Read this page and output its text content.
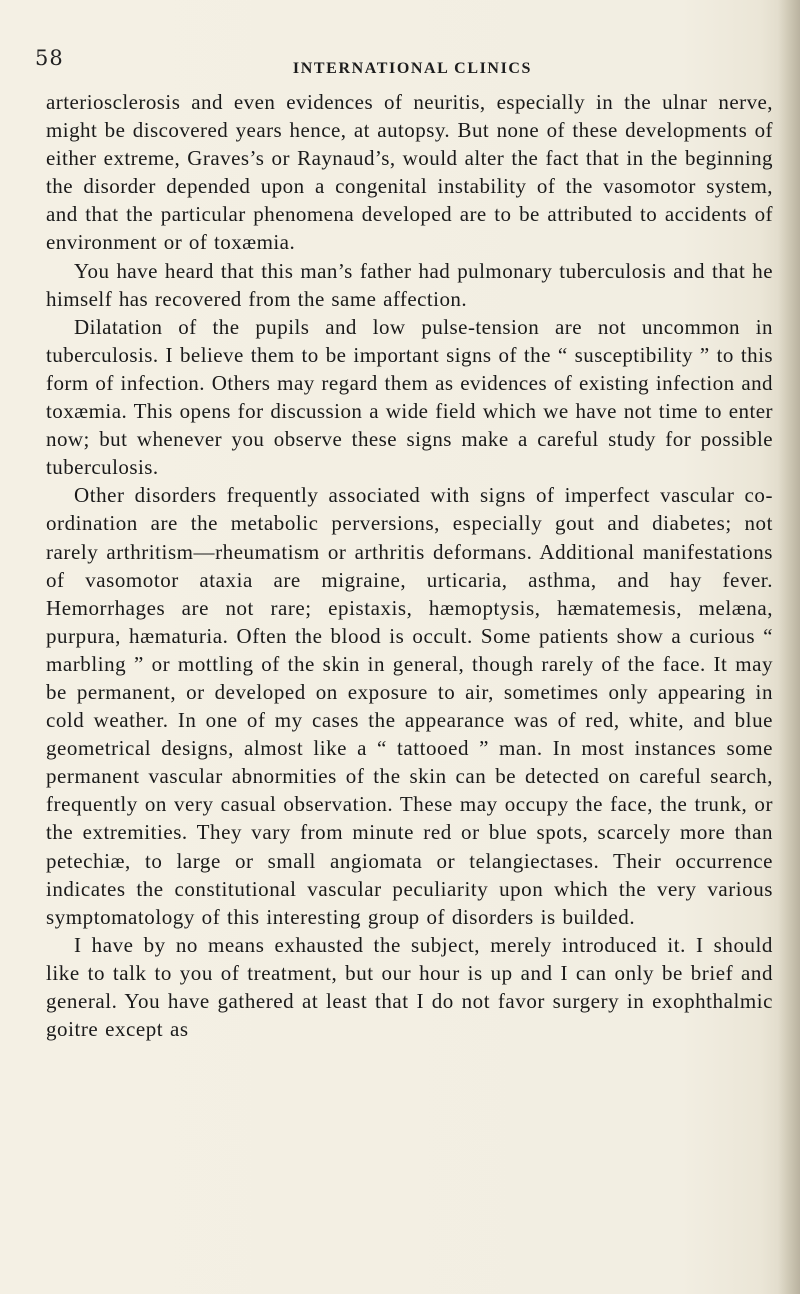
58	INTERNATIONAL CLINICS

arteriosclerosis and even evidences of neuritis, especially in the ulnar nerve, might be discovered years hence, at autopsy. But none of these developments of either extreme, Graves’s or Raynaud’s, would alter the fact that in the beginning the disorder depended upon a congenital instability of the vasomotor system, and that the particular phenomena developed are to be attributed to accidents of environment or of toxæmia.

You have heard that this man’s father had pulmonary tuberculosis and that he himself has recovered from the same affection.

Dilatation of the pupils and low pulse-tension are not uncommon in tuberculosis. I believe them to be important signs of the “ susceptibility ” to this form of infection. Others may regard them as evidences of existing infection and toxæmia. This opens for discussion a wide field which we have not time to enter now; but whenever you observe these signs make a careful study for possible tuberculosis.

Other disorders frequently associated with signs of imperfect vascular co-ordination are the metabolic perversions, especially gout and diabetes; not rarely arthritism—rheumatism or arthritis deformans. Additional manifestations of vasomotor ataxia are migraine, urticaria, asthma, and hay fever. Hemorrhages are not rare; epistaxis, hæmoptysis, hæmatemesis, melæna, purpura, hæmaturia. Often the blood is occult. Some patients show a curious “ marbling ” or mottling of the skin in general, though rarely of the face. It may be permanent, or developed on exposure to air, sometimes only appearing in cold weather. In one of my cases the appearance was of red, white, and blue geometrical designs, almost like a “ tattooed ” man. In most instances some permanent vascular abnormities of the skin can be detected on careful search, frequently on very casual observation. These may occupy the face, the trunk, or the extremities. They vary from minute red or blue spots, scarcely more than petechiæ, to large or small angiomata or telangiectases. Their occurrence indicates the constitutional vascular peculiarity upon which the very various symptomatology of this interesting group of disorders is builded.

I have by no means exhausted the subject, merely introduced it. I should like to talk to you of treatment, but our hour is up and I can only be brief and general. You have gathered at least that I do not favor surgery in exophthalmic goitre except as
